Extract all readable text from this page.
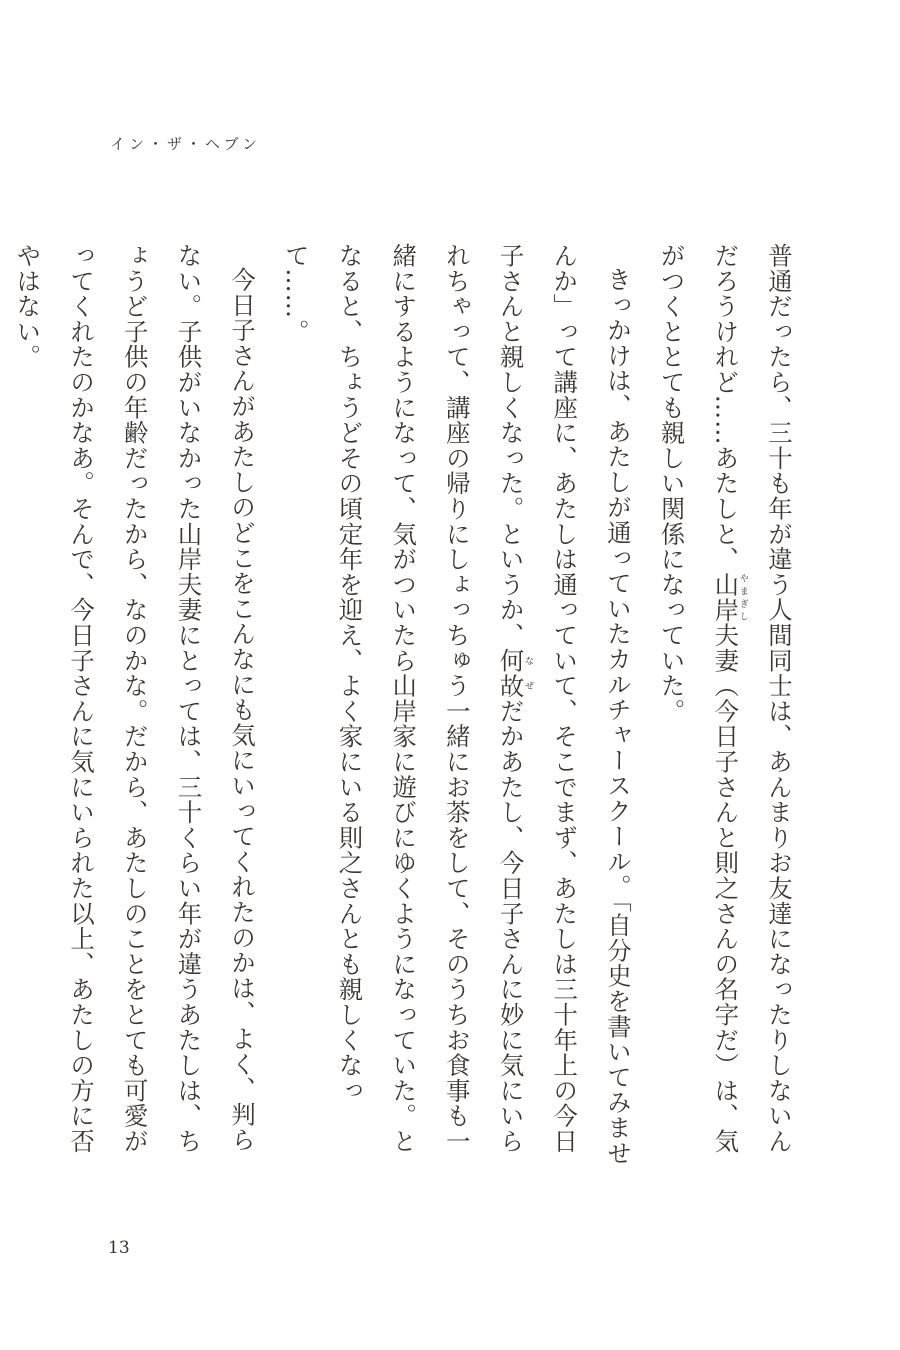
イン・ザ・ヘブン

普通だったら、三十も年が違う人間同士は、あんまりお友達になったりしないんだろうけれど……あたしと、山岸やまぎし夫妻（今日子さんと則之さんの名字だ）は、気がつくととても親しい関係になっていた。

きっかけは、あたしが通っていたカルチャースクール。「自分史を書いてみませんか」って講座に、あたしは通っていて、そこでまず、あたしは三十年上の今日子さんと親しくなった。というか、何故なぜだかあたし、今日子さんに妙に気にいられちゃって、講座の帰りにしょっちゅう一緒にお茶をして、そのうちお食事も一緒にするようになって、気がついたら山岸家に遊びにゆくようになっていた。となると、ちょうどその頃定年を迎え、よく家にいる則之さんとも親しくなって……。

今日子さんがあたしのどこをこんなにも気にいってくれたのかは、よく、判らない。子供がいなかった山岸夫妻にとっては、三十くらい年が違うあたしは、ちょうど子供の年齢だったから、なのかな。だから、あたしのことをとても可愛がってくれたのかなあ。そんで、今日子さんに気にいられた以上、あたしの方に否やはない。

13
